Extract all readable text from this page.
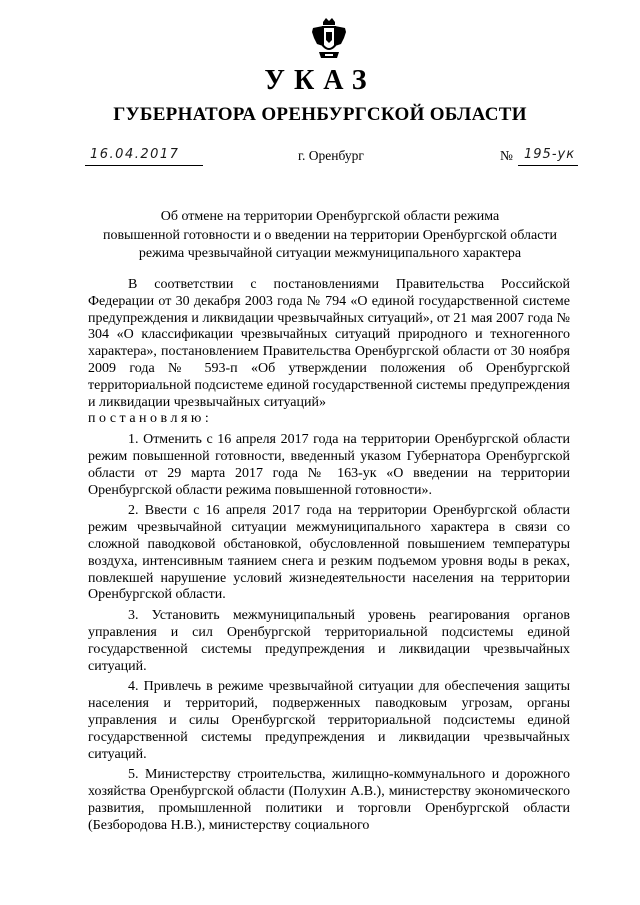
УКАЗ
ГУБЕРНАТОРА ОРЕНБУРГСКОЙ ОБЛАСТИ
16.04.2017	г. Оренбург	№ 195-ук
Об отмене на территории Оренбургской области режима
повышенной готовности и о введении на территории Оренбургской области
режима чрезвычайной ситуации межмуниципального характера

В соответствии с постановлениями Правительства Российской Федерации от 30 декабря 2003 года № 794 «О единой государственной системе предупреждения и ликвидации чрезвычайных ситуаций», от 21 мая 2007 года № 304 «О классификации чрезвычайных ситуаций природного и техногенного характера», постановлением Правительства Оренбургской области от 30 ноября 2009 года № 593-п «Об утверждении положения об Оренбургской территориальной подсистеме единой государственной системы предупреждения и ликвидации чрезвычайных ситуаций»

постановляю:

1. Отменить с 16 апреля 2017 года на территории Оренбургской области режим повышенной готовности, введенный указом Губернатора Оренбургской области от 29 марта 2017 года № 163-ук «О введении на территории Оренбургской области режима повышенной готовности».

2. Ввести с 16 апреля 2017 года на территории Оренбургской области режим чрезвычайной ситуации межмуниципального характера в связи со сложной паводковой обстановкой, обусловленной повышением температуры воздуха, интенсивным таянием снега и резким подъемом уровня воды в реках, повлекшей нарушение условий жизнедеятельности населения на территории Оренбургской области.

3. Установить межмуниципальный уровень реагирования органов управления и сил Оренбургской территориальной подсистемы единой государственной системы предупреждения и ликвидации чрезвычайных ситуаций.

4. Привлечь в режиме чрезвычайной ситуации для обеспечения защиты населения и территорий, подверженных паводковым угрозам, органы управления и силы Оренбургской территориальной подсистемы единой государственной системы предупреждения и ликвидации чрезвычайных ситуаций.

5. Министерству строительства, жилищно-коммунального и дорожного хозяйства Оренбургской области (Полухин А.В.), министерству экономического развития, промышленной политики и торговли Оренбургской области (Безбородова Н.В.), министерству социального
